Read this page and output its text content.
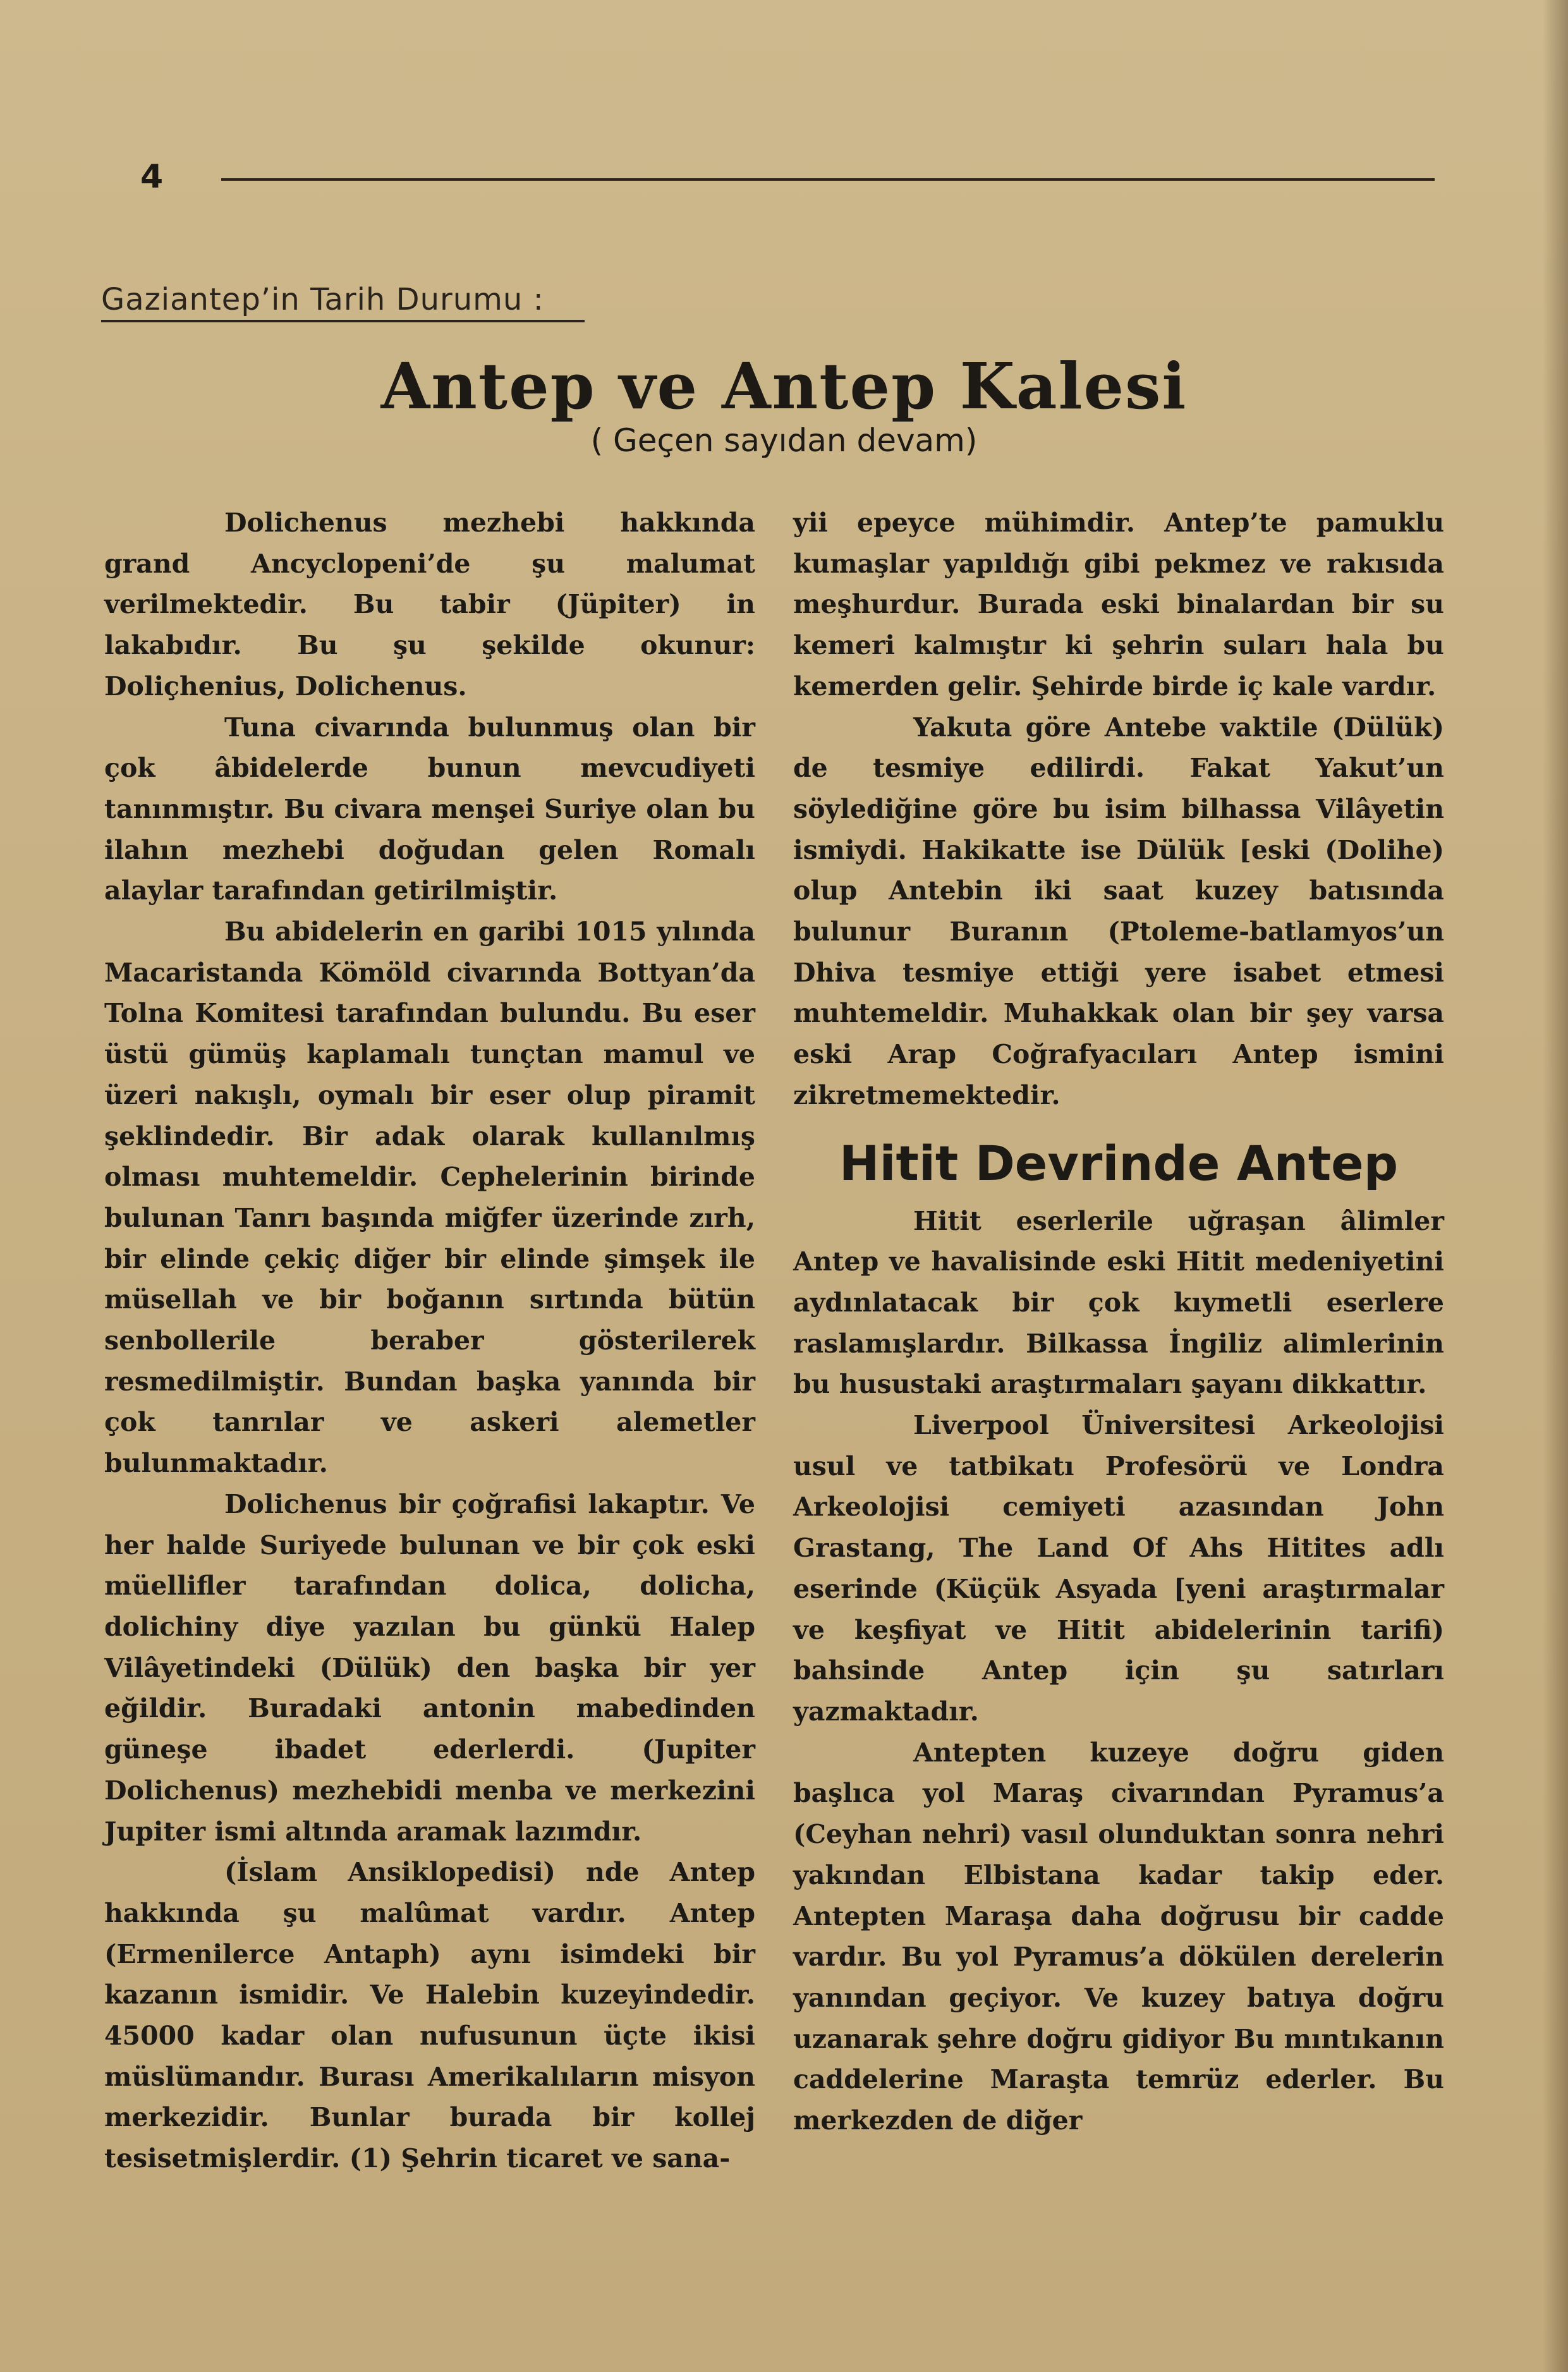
4
Gaziantep’in Tarih Durumu :
Antep ve Antep Kalesi
( Geçen sayıdan devam)

Dolichenus mezhebi hakkında grand Ancyclopeni’de şu malumat verilmektedir. Bu tabir (Jüpiter) in lakabıdır. Bu şu şekilde okunur: Doliçhenius, Dolichenus.

Tuna civarında bulunmuş olan bir çok âbidelerde bunun mevcudiyeti tanınmıştır. Bu civara menşei Suriye olan bu ilahın mezhebi doğudan gelen Romalı alaylar tarafından getirilmiştir.

Bu abidelerin en garibi 1015 yılında Macaristanda Kömöld civarında Bottyan’da Tolna Komitesi tarafından bulundu. Bu eser üstü gümüş kaplamalı tunçtan mamul ve üzeri nakışlı, oymalı bir eser olup piramit şeklindedir. Bir adak olarak kullanılmış olması muhtemeldir. Cephelerinin birinde bulunan Tanrı başında miğfer üzerinde zırh, bir elinde çekiç diğer bir elinde şimşek ile müsellah ve bir boğanın sırtında bütün senbollerile beraber gösterilerek resmedilmiştir. Bundan başka yanında bir çok tanrılar ve askeri alemetler bulunmaktadır.

Dolichenus bir çoğrafisi lakaptır. Ve her halde Suriyede bulunan ve bir çok eski müellifler tarafından dolica, dolicha, dolichiny diye yazılan bu günkü Halep Vilâyetindeki (Dülük) den başka bir yer eğildir. Buradaki antonin mabedinden güneşe ibadet ederlerdi. (Jupiter Dolichenus) mezhebidi menba ve merkezini Jupiter ismi altında aramak lazımdır.

(İslam Ansiklopedisi) nde Antep hakkında şu malûmat vardır. Antep (Ermenilerce Antaph) aynı isimdeki bir kazanın ismidir. Ve Halebin kuzeyindedir. 45000 kadar olan nufusunun üçte ikisi müslümandır. Burası Amerikalıların misyon merkezidir. Bunlar burada bir kollej tesisetmişlerdir. (1) Şehrin ticaret ve sana-

yii epeyce mühimdir. Antep’te pamuklu kumaşlar yapıldığı gibi pekmez ve rakısıda meşhurdur. Burada eski binalardan bir su kemeri kalmıştır ki şehrin suları hala bu kemerden gelir. Şehirde birde iç kale vardır.

Yakuta göre Antebe vaktile (Dülük) de tesmiye edilirdi. Fakat Yakut’un söylediğine göre bu isim bilhassa Vilâyetin ismiydi. Hakikatte ise Dülük [eski (Dolihe) olup Antebin iki saat kuzey batısında bulunur Buranın (Ptoleme-batlamyos’un Dhiva tesmiye ettiği yere isabet etmesi muhtemeldir. Muhakkak olan bir şey varsa eski Arap Coğrafyacıları Antep ismini zikretmemektedir.

Hitit Devrinde Antep

Hitit eserlerile uğraşan âlimler Antep ve havalisinde eski Hitit medeniyetini aydınlatacak bir çok kıymetli eserlere raslamışlardır. Bilkassa İngiliz alimlerinin bu husustaki araştırmaları şayanı dikkattır.

Liverpool Üniversitesi Arkeolojisi usul ve tatbikatı Profesörü ve Londra Arkeolojisi cemiyeti azasından John Grastang, The Land Of Ahs Hitites adlı eserinde (Küçük Asyada [yeni araştırmalar ve keşfiyat ve Hitit abidelerinin tarifi) bahsinde Antep için şu satırları yazmaktadır.

Antepten kuzeye doğru giden başlıca yol Maraş civarından Pyramus’a (Ceyhan nehri) vasıl olunduktan sonra nehri yakından Elbistana kadar takip eder. Antepten Maraşa daha doğrusu bir cadde vardır. Bu yol Pyramus’a dökülen derelerin yanından geçiyor. Ve kuzey batıya doğru uzanarak şehre doğru gidiyor Bu mıntıkanın caddelerine Maraşta temrüz ederler. Bu merkezden de diğer
